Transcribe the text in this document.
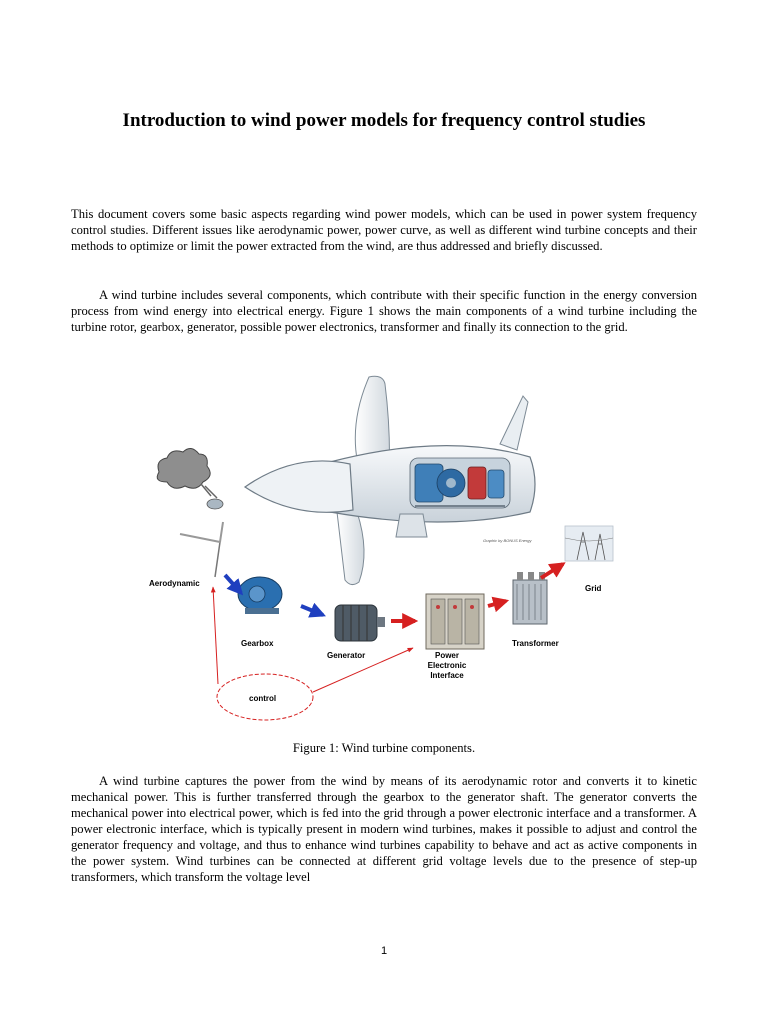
Introduction to wind power models for frequency control studies

This document covers some basic aspects regarding wind power models, which can be used in power system frequency control studies. Different issues like aerodynamic power, power curve, as well as different wind turbine concepts and their methods to optimize or limit the power extracted from the wind, are thus addressed and briefly discussed.

A wind turbine includes several components, which contribute with their specific function in the energy conversion process from wind energy into electrical energy. Figure 1 shows the main components of a wind turbine including the turbine rotor, gearbox, generator, possible power electronics, transformer and finally its connection to the grid.

Graphic by BONUS Energy
Aerodynamic
Gearbox
Generator	Power
Electronic
Interface
Transformer
Grid
control

Figure 1: Wind turbine components.

A wind turbine captures the power from the wind by means of its aerodynamic rotor and converts it to kinetic mechanical power. This is further transferred through the gearbox to the generator shaft. The generator converts the mechanical power into electrical power, which is fed into the grid through a power electronic interface and a transformer. A power electronic interface, which is typically present in modern wind turbines, makes it possible to adjust and control the generator frequency and voltage, and thus to enhance wind turbines capability to behave and act as active components in the power system. Wind turbines can be connected at different grid voltage levels due to the presence of step-up transformers, which transform the voltage level

1
